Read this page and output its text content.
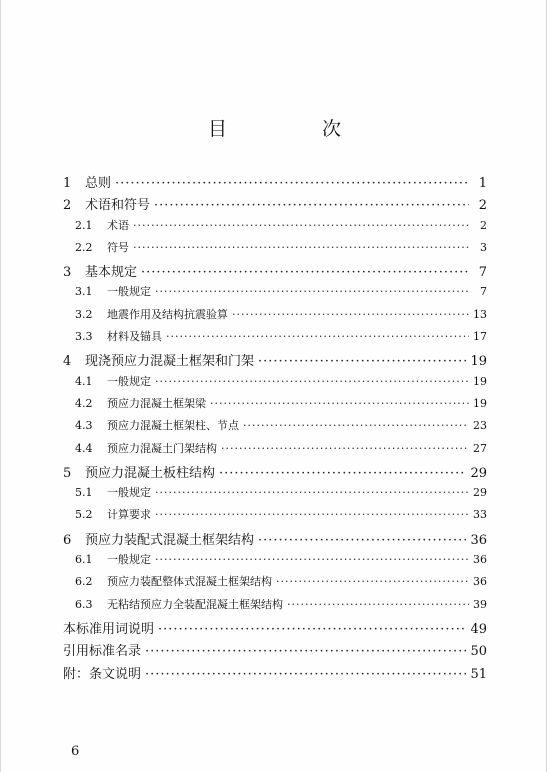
目　次
1	总则 ·····	1
2	术语和符号 ·····	2
2.1	术语 ·····	2
2.2	符号 ·····	3
3	基本规定 ·····	7
3.1	一般规定 ·····	7
3.2	地震作用及结构抗震验算 ·····	13
3.3	材料及锚具 ·····	17
4	现浇预应力混凝土框架和门架 ·····	19
4.1	一般规定 ·····	19
4.2	预应力混凝土框架梁 ·····	19
4.3	预应力混凝土框架柱、节点 ·····	23
4.4	预应力混凝土门架结构 ·····	27
5	预应力混凝土板柱结构 ·····	29
5.1	一般规定 ·····	29
5.2	计算要求 ·····	33
6	预应力装配式混凝土框架结构 ·····	36
6.1	一般规定 ·····	36
6.2	预应力装配整体式混凝土框架结构 ·····	36
6.3	无粘结预应力全装配混凝土框架结构 ·····	39
本标准用词说明 ·····	49
引用标准名录 ·····	50
附：条文说明 ·····	51
6
